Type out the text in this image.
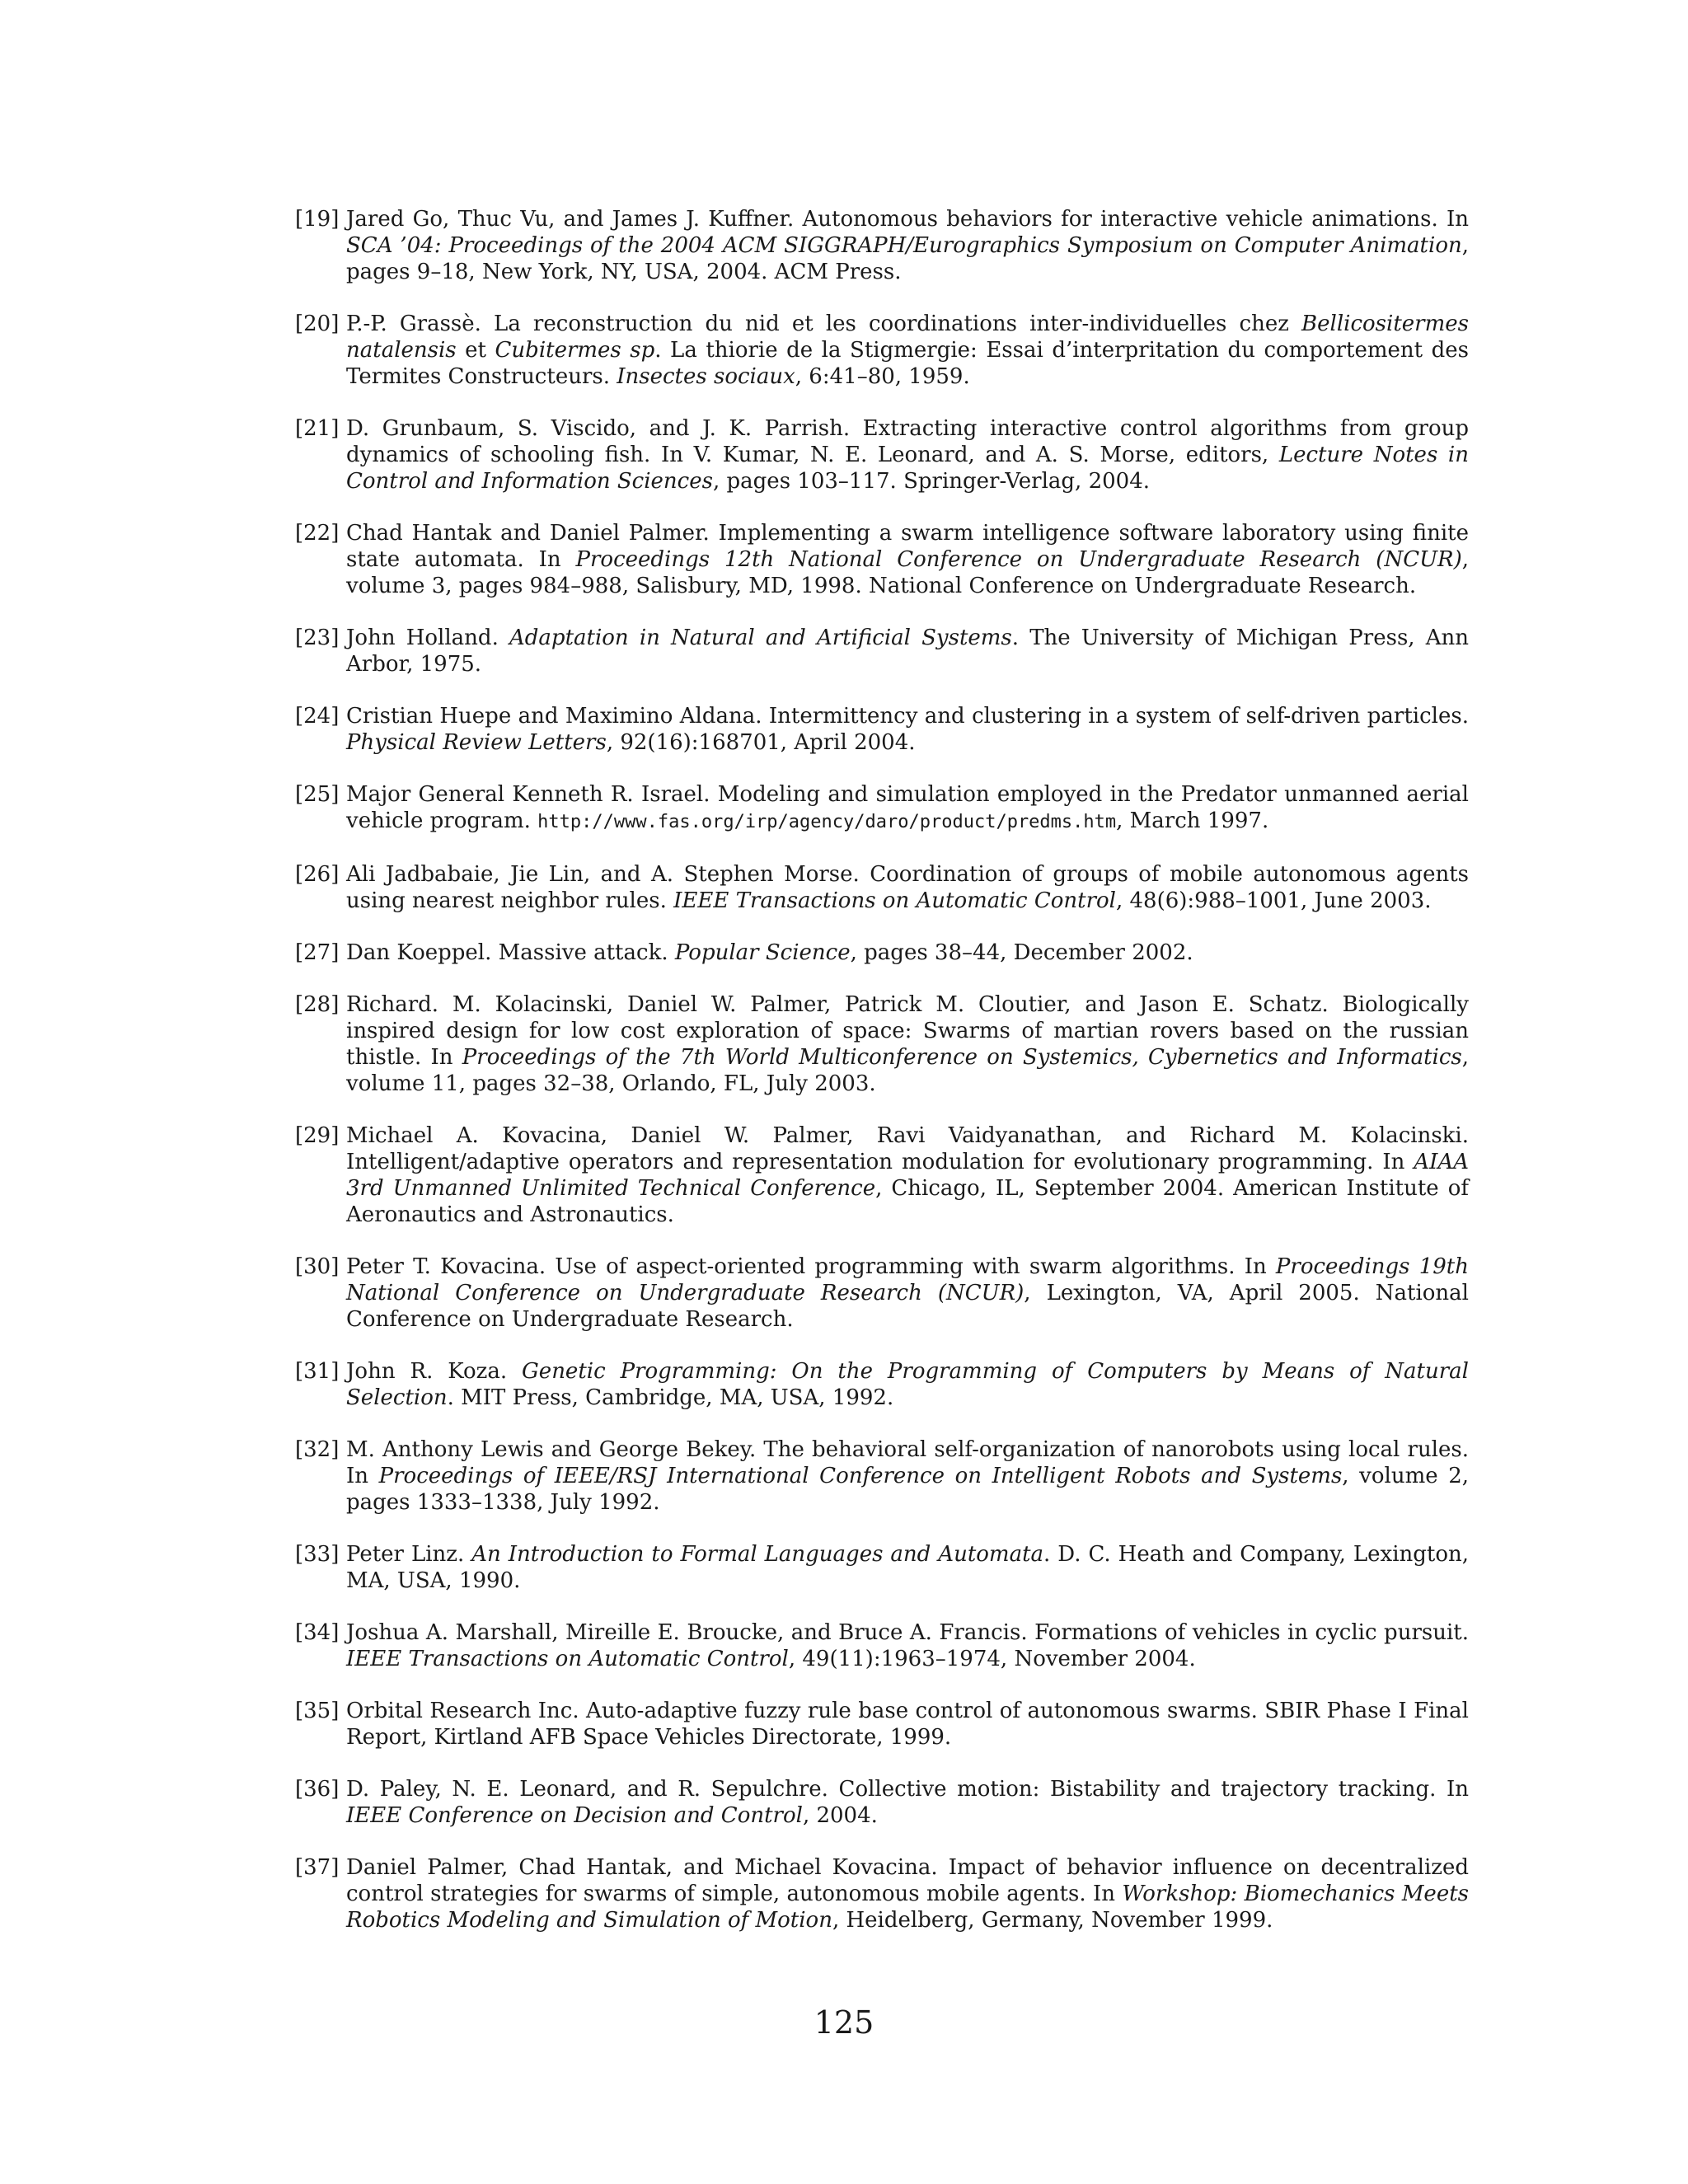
[19] Jared Go, Thuc Vu, and James J. Kuffner. Autonomous behaviors for interactive vehicle animations. In SCA ’04: Proceedings of the 2004 ACM SIGGRAPH/Eurographics Symposium on Computer Animation, pages 9–18, New York, NY, USA, 2004. ACM Press.
[20] P.-P. Grassè. La reconstruction du nid et les coordinations inter-individuelles chez Bellicositermes natalensis et Cubitermes sp. La thiorie de la Stigmergie: Essai d’interpritation du comportement des Termites Constructeurs. Insectes sociaux, 6:41–80, 1959.
[21] D. Grunbaum, S. Viscido, and J. K. Parrish. Extracting interactive control algorithms from group dynamics of schooling fish. In V. Kumar, N. E. Leonard, and A. S. Morse, editors, Lecture Notes in Control and Information Sciences, pages 103–117. Springer-Verlag, 2004.
[22] Chad Hantak and Daniel Palmer. Implementing a swarm intelligence software laboratory using finite state automata. In Proceedings 12th National Conference on Undergraduate Research (NCUR), volume 3, pages 984–988, Salisbury, MD, 1998. National Conference on Undergraduate Research.
[23] John Holland. Adaptation in Natural and Artificial Systems. The University of Michigan Press, Ann Arbor, 1975.
[24] Cristian Huepe and Maximino Aldana. Intermittency and clustering in a system of self-driven particles. Physical Review Letters, 92(16):168701, April 2004.
[25] Major General Kenneth R. Israel. Modeling and simulation employed in the Predator unmanned aerial vehicle program. http://www.fas.org/irp/agency/daro/product/predms.htm, March 1997.
[26] Ali Jadbabaie, Jie Lin, and A. Stephen Morse. Coordination of groups of mobile autonomous agents using nearest neighbor rules. IEEE Transactions on Automatic Control, 48(6):988–1001, June 2003.
[27] Dan Koeppel. Massive attack. Popular Science, pages 38–44, December 2002.
[28] Richard. M. Kolacinski, Daniel W. Palmer, Patrick M. Cloutier, and Jason E. Schatz. Biologically inspired design for low cost exploration of space: Swarms of martian rovers based on the russian thistle. In Proceedings of the 7th World Multiconference on Systemics, Cybernetics and Informatics, volume 11, pages 32–38, Orlando, FL, July 2003.
[29] Michael A. Kovacina, Daniel W. Palmer, Ravi Vaidyanathan, and Richard M. Kolacinski. Intelligent/adaptive operators and representation modulation for evolutionary programming. In AIAA 3rd Unmanned Unlimited Technical Conference, Chicago, IL, September 2004. American Institute of Aeronautics and Astronautics.
[30] Peter T. Kovacina. Use of aspect-oriented programming with swarm algorithms. In Proceedings 19th National Conference on Undergraduate Research (NCUR), Lexington, VA, April 2005. National Conference on Undergraduate Research.
[31] John R. Koza. Genetic Programming: On the Programming of Computers by Means of Natural Selection. MIT Press, Cambridge, MA, USA, 1992.
[32] M. Anthony Lewis and George Bekey. The behavioral self-organization of nanorobots using local rules. In Proceedings of IEEE/RSJ International Conference on Intelligent Robots and Systems, volume 2, pages 1333–1338, July 1992.
[33] Peter Linz. An Introduction to Formal Languages and Automata. D. C. Heath and Company, Lexington, MA, USA, 1990.
[34] Joshua A. Marshall, Mireille E. Broucke, and Bruce A. Francis. Formations of vehicles in cyclic pursuit. IEEE Transactions on Automatic Control, 49(11):1963–1974, November 2004.
[35] Orbital Research Inc. Auto-adaptive fuzzy rule base control of autonomous swarms. SBIR Phase I Final Report, Kirtland AFB Space Vehicles Directorate, 1999.
[36] D. Paley, N. E. Leonard, and R. Sepulchre. Collective motion: Bistability and trajectory tracking. In IEEE Conference on Decision and Control, 2004.
[37] Daniel Palmer, Chad Hantak, and Michael Kovacina. Impact of behavior influence on decentralized control strategies for swarms of simple, autonomous mobile agents. In Workshop: Biomechanics Meets Robotics Modeling and Simulation of Motion, Heidelberg, Germany, November 1999.
125
